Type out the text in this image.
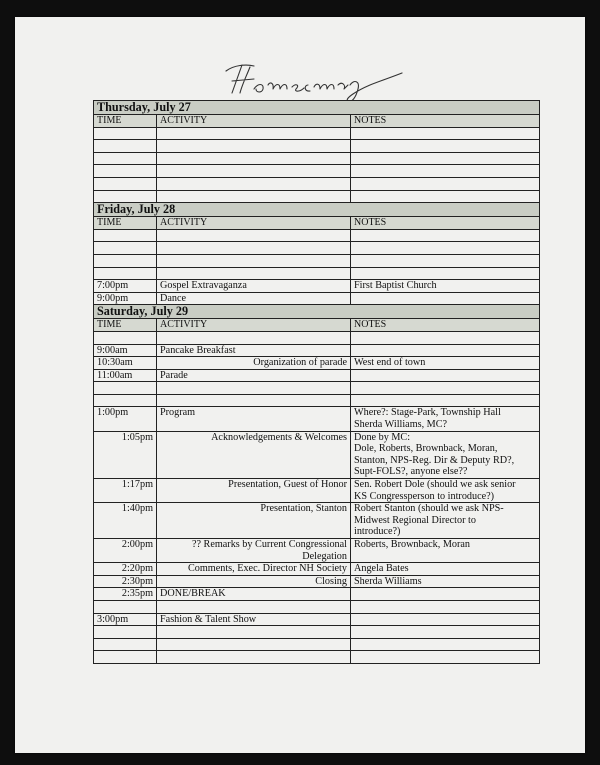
Thursday, July 27		
TIME	ACTIVITY	NOTES

Friday, July 28		
TIME	ACTIVITY	NOTES

7:00pm	Gospel Extravaganza	First Baptist Church
9:00pm	Dance	
Saturday, July 29		
TIME	ACTIVITY	NOTES

9:00am	Pancake Breakfast	
10:30am	Organization of parade	West end of town
11:00am	Parade	

1:00pm	Program	Where?: Stage-Park, Township Hall
Sherda Williams, MC?
1:05pm	Acknowledgements & Welcomes	Done by MC:
Dole, Roberts, Brownback, Moran,
Stanton, NPS-Reg. Dir & Deputy RD?,
Supt-FOLS?, anyone else??
1:17pm	Presentation, Guest of Honor	Sen. Robert Dole (should we ask senior
KS Congressperson to introduce?)
1:40pm	Presentation, Stanton	Robert Stanton (should we ask NPS-
Midwest Regional Director to
introduce?)
2:00pm	?? Remarks by Current Congressional
Delegation	Roberts, Brownback, Moran
2:20pm	Comments, Exec. Director NH Society	Angela Bates
2:30pm	Closing	Sherda Williams
2:35pm	DONE/BREAK	

3:00pm	Fashion & Talent Show	
